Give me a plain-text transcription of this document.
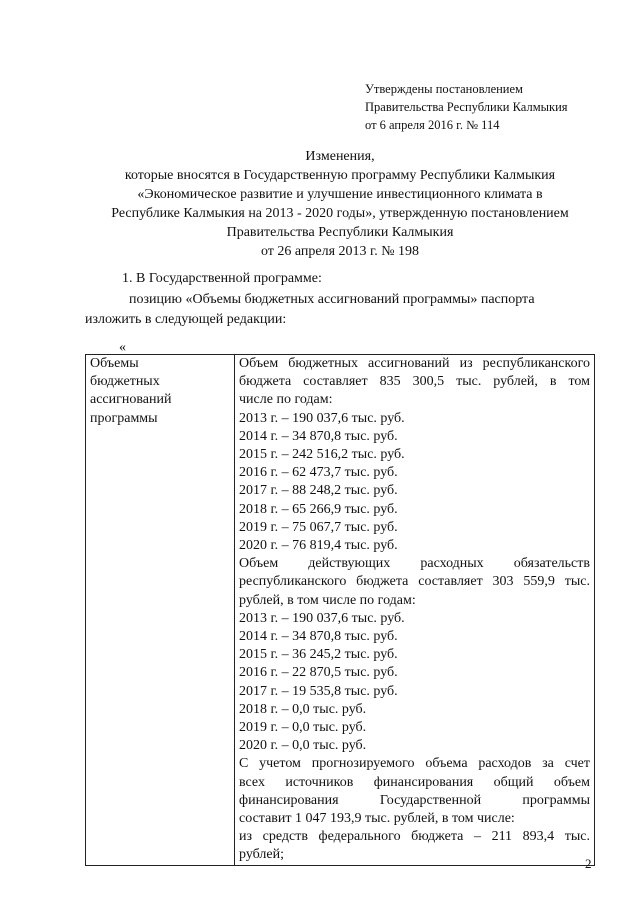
Утверждены постановлением
Правительства Республики Калмыкия
от 6 апреля 2016 г. № 114
Изменения,
которые вносятся в Государственную программу Республики Калмыкия
«Экономическое развитие и улучшение инвестиционного климата в
Республике Калмыкия на 2013 - 2020 годы», утвержденную постановлением
Правительства Республики Калмыкия
от 26 апреля 2013 г. № 198
1. В Государственной программе:
позицию «Объемы бюджетных ассигнований программы» паспорта
изложить в следующей редакции:
«
Объемы
бюджетных
ассигнований
программы

Объем бюджетных ассигнований из республиканского
бюджета составляет 835 300,5 тыс. рублей, в том
числе по годам:
2013 г. – 190 037,6 тыс. руб.
2014 г. – 34 870,8 тыс. руб.
2015 г. – 242 516,2 тыс. руб.
2016 г. – 62 473,7 тыс. руб.
2017 г. – 88 248,2 тыс. руб.
2018 г. – 65 266,9 тыс. руб.
2019 г. – 75 067,7 тыс. руб.
2020 г. – 76 819,4 тыс. руб.
Объем действующих расходных обязательств
республиканского бюджета составляет 303 559,9 тыс.
рублей, в том числе по годам:
2013 г. – 190 037,6 тыс. руб.
2014 г. – 34 870,8 тыс. руб.
2015 г. – 36 245,2 тыс. руб.
2016 г. – 22 870,5 тыс. руб.
2017 г. – 19 535,8 тыс. руб.
2018 г. – 0,0 тыс. руб.
2019 г. – 0,0 тыс. руб.
2020 г. – 0,0 тыс. руб.
С учетом прогнозируемого объема расходов за счет
всех источников финансирования общий объем
финансирования Государственной программы
составит 1 047 193,9 тыс. рублей, в том числе:
из средств федерального бюджета – 211 893,4 тыс.
рублей;
2
